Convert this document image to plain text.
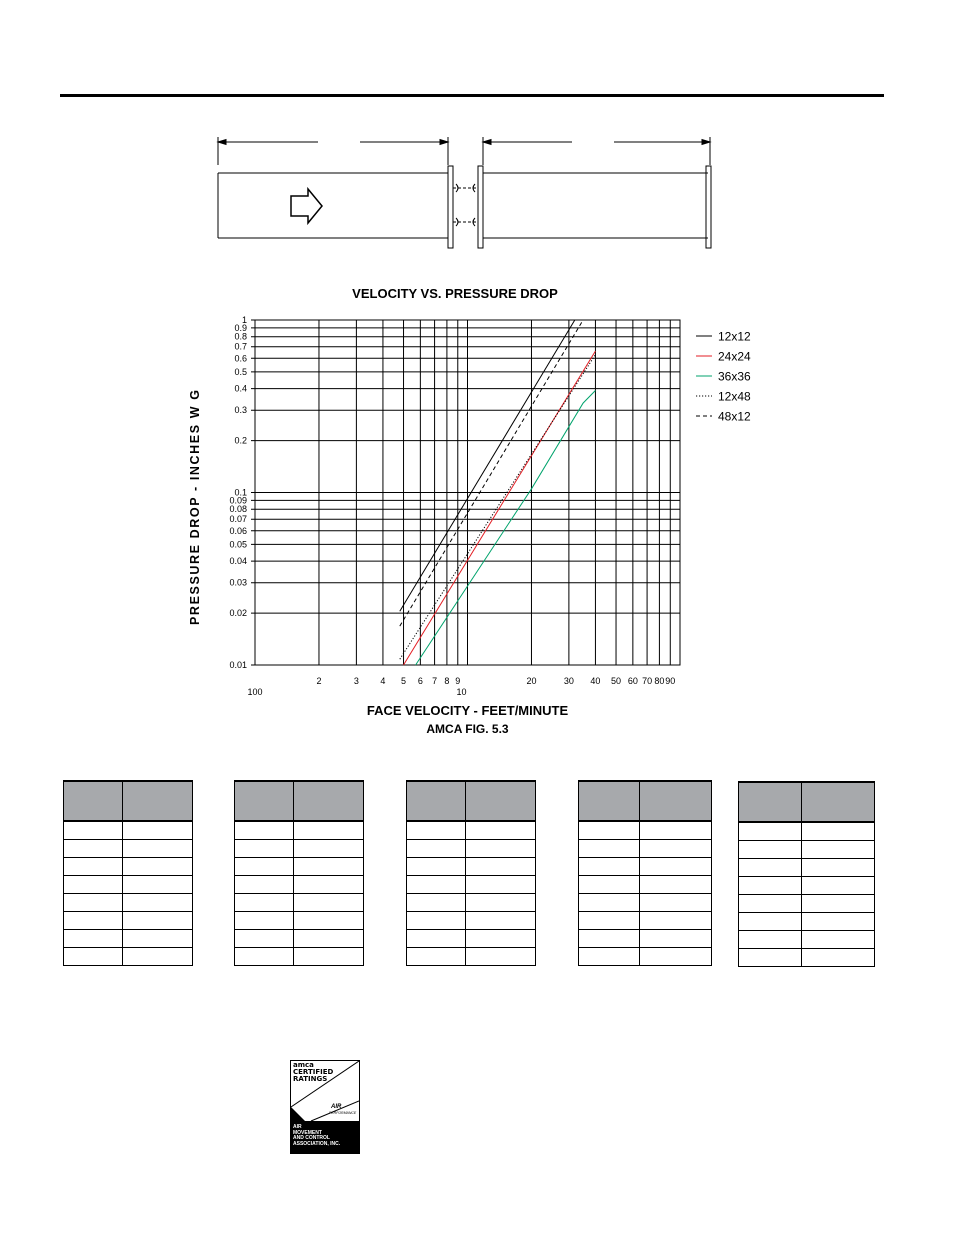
VELOCITY VS. PRESSURE DROP
PRESSURE DROP - INCHES W G
FACE VELOCITY - FEET/MINUTE
AMCA FIG. 5.3
100
2	3 4 5 6 7 8 9
10
20	30 40 50 60 70 80 90
0.01
0.02
0.03
0.04
0.05
0.06
0.07
0.08
0.09
0.1
0.2
0.3
0.4
0.5
0.6
0.7
0.8
0.9
1
12x12
24x24
36x36
12x48
48x12

amca
CERTIFIED
RATINGS
AIR
PERFORMANCE
AIR
MOVEMENT
AND CONTROL
ASSOCIATION, INC.
